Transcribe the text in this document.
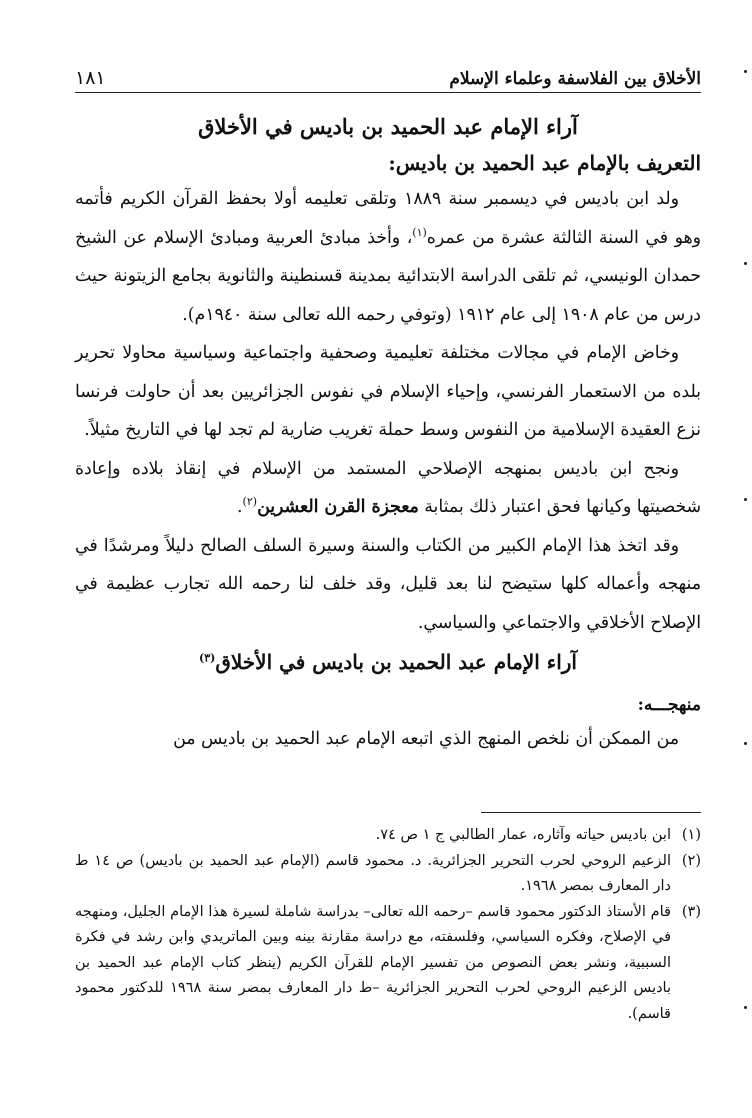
الأخلاق بين الفلاسفة وعلماء الإسلام
١٨١
آراء الإمام عبد الحميد بن باديس في الأخلاق
التعريف بالإمام عبد الحميد بن باديس:

ولد ابن باديس في ديسمبر سنة ١٨٨٩ وتلقى تعليمه أولا بحفظ القرآن الكريم فأتمه وهو في السنة الثالثة عشرة من عمره$^{(١)}$، وأخذ مبادئ العربية ومبادئ الإسلام عن الشيخ حمدان الونيسي، ثم تلقى الدراسة الابتدائية بمدينة قسنطينة والثانوية بجامع الزيتونة حيث درس من عام ١٩٠٨ إلى عام ١٩١٢ (وتوفي رحمه الله تعالى سنة ١٩٤٠م).

وخاض الإمام في مجالات مختلفة تعليمية وصحفية واجتماعية وسياسية محاولا تحرير بلده من الاستعمار الفرنسي، وإحياء الإسلام في نفوس الجزائريين بعد أن حاولت فرنسا نزع العقيدة الإسلامية من النفوس وسط حملة تغريب ضارية لم تجد لها في التاريخ مثيلاً.

ونجح ابن باديس بمنهجه الإصلاحي المستمد من الإسلام في إنقاذ بلاده وإعادة شخصيتها وكيانها فحق اعتبار ذلك بمثابة معجزة القرن العشرين$^{(٢)}$.

وقد اتخذ هذا الإمام الكبير من الكتاب والسنة وسيرة السلف الصالح دليلاً ومرشدًا في منهجه وأعماله كلها ستيضح لنا بعد قليل، وقد خلف لنا رحمه الله تجارب عظيمة في الإصلاح الأخلاقي والاجتماعي والسياسي.

آراء الإمام عبد الحميد بن باديس في الأخلاق$^{(٣)}$
منهجـــه:

من الممكن أن نلخص المنهج الذي اتبعه الإمام عبد الحميد بن باديس من

(١)
ابن باديس حياته وآثاره، عمار الطالبي ج ١ ص ٧٤.
(٢)
الزعيم الروحي لحرب التحرير الجزائرية. د. محمود قاسم (الإمام عبد الحميد بن باديس) ص ١٤ ط دار المعارف بمصر ١٩٦٨.
(٣)
قام الأستاذ الدكتور محمود قاسم –رحمه الله تعالى– بدراسة شاملة لسيرة هذا الإمام الجليل، ومنهجه في الإصلاح، وفكره السياسي، وفلسفته، مع دراسة مقارنة بينه وبين الماتريدي وابن رشد في فكرة السببية، ونشر بعض النصوص من تفسير الإمام للقرآن الكريم (ينظر كتاب الإمام عبد الحميد بن باديس الزعيم الروحي لحرب التحرير الجزائرية –ط دار المعارف بمصر سنة ١٩٦٨ للدكتور محمود قاسم).
